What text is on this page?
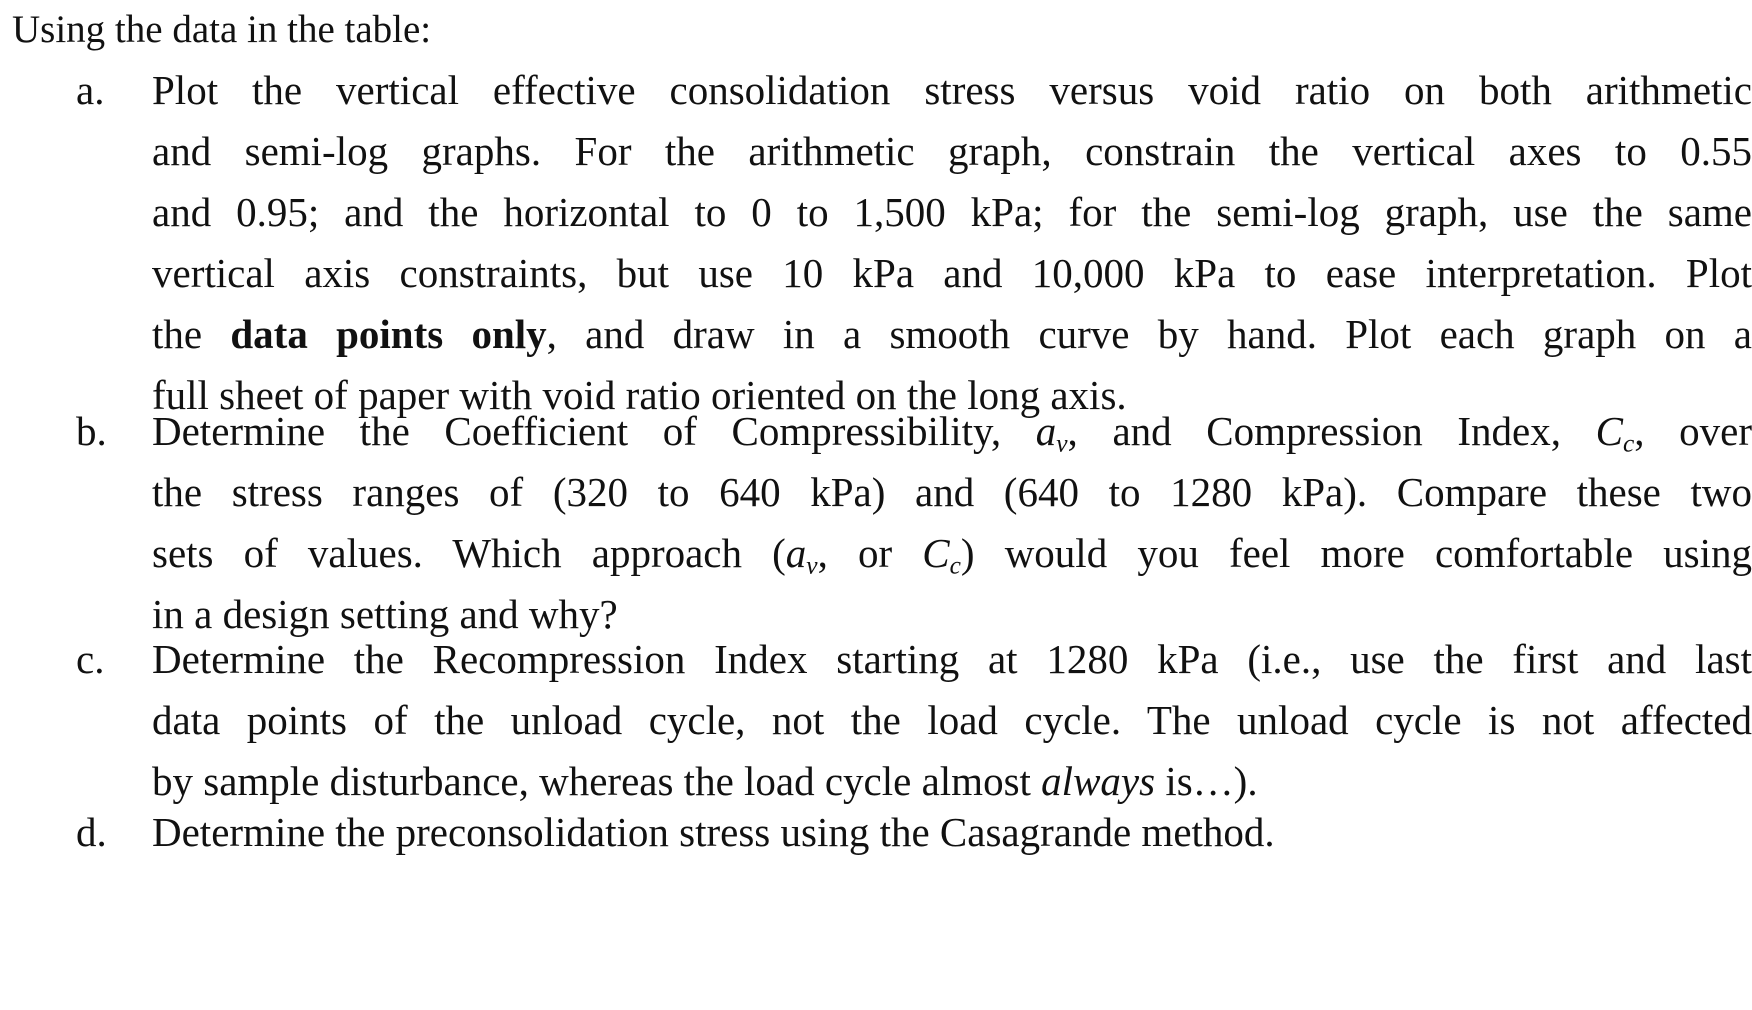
Using the data in the table:
a. Plot the vertical effective consolidation stress versus void ratio on both arithmetic
and semi-log graphs. For the arithmetic graph, constrain the vertical axes to 0.55
and 0.95; and the horizontal to 0 to 1,500 kPa; for the semi-log graph, use the same
vertical axis constraints, but use 10 kPa and 10,000 kPa to ease interpretation. Plot
the data points only, and draw in a smooth curve by hand. Plot each graph on a
full sheet of paper with void ratio oriented on the long axis.
b. Determine the Coefficient of Compressibility, $a_v$, and Compression Index, $C_c$, over
the stress ranges of (320 to 640 kPa) and (640 to 1280 kPa). Compare these two
sets of values. Which approach ($a_v$, or $C_c$) would you feel more comfortable using
in a design setting and why?
c. Determine the Recompression Index starting at 1280 kPa (i.e., use the first and last
data points of the unload cycle, not the load cycle. The unload cycle is not affected
by sample disturbance, whereas the load cycle almost always is…).
d. Determine the preconsolidation stress using the Casagrande method.
